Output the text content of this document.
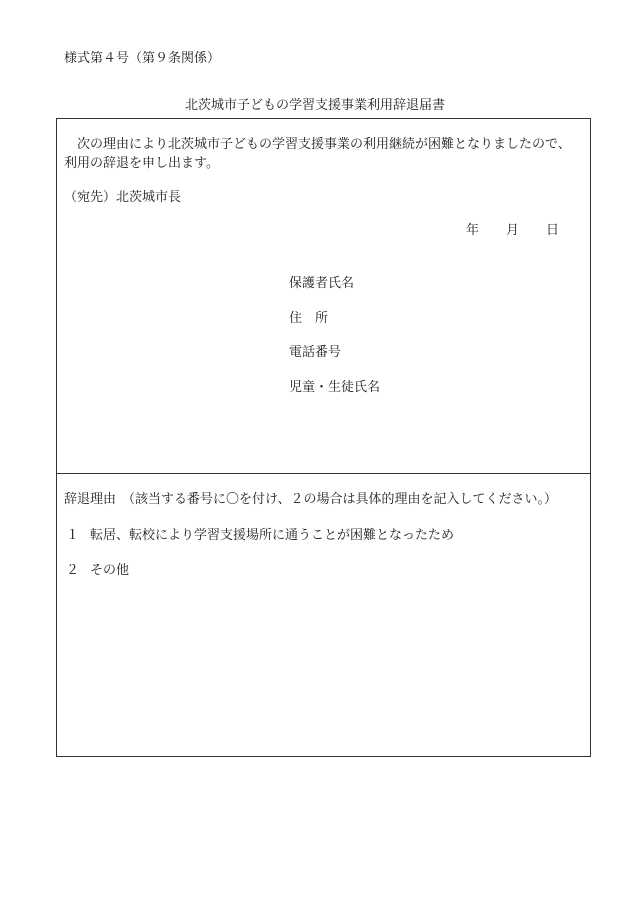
様式第４号（第９条関係）
北茨城市子どもの学習支援事業利用辞退届書
次の理由により北茨城市子どもの学習支援事業の利用継続が困難となりましたので、
利用の辞退を申し出ます。
（宛先）北茨城市長
年 月 日
保護者氏名
住　所
電話番号
児童・生徒氏名
辞退理由 （該当する番号に〇を付け、２の場合は具体的理由を記入してください。）
１ 転居、転校により学習支援場所に通うことが困難となったため
２ その他
